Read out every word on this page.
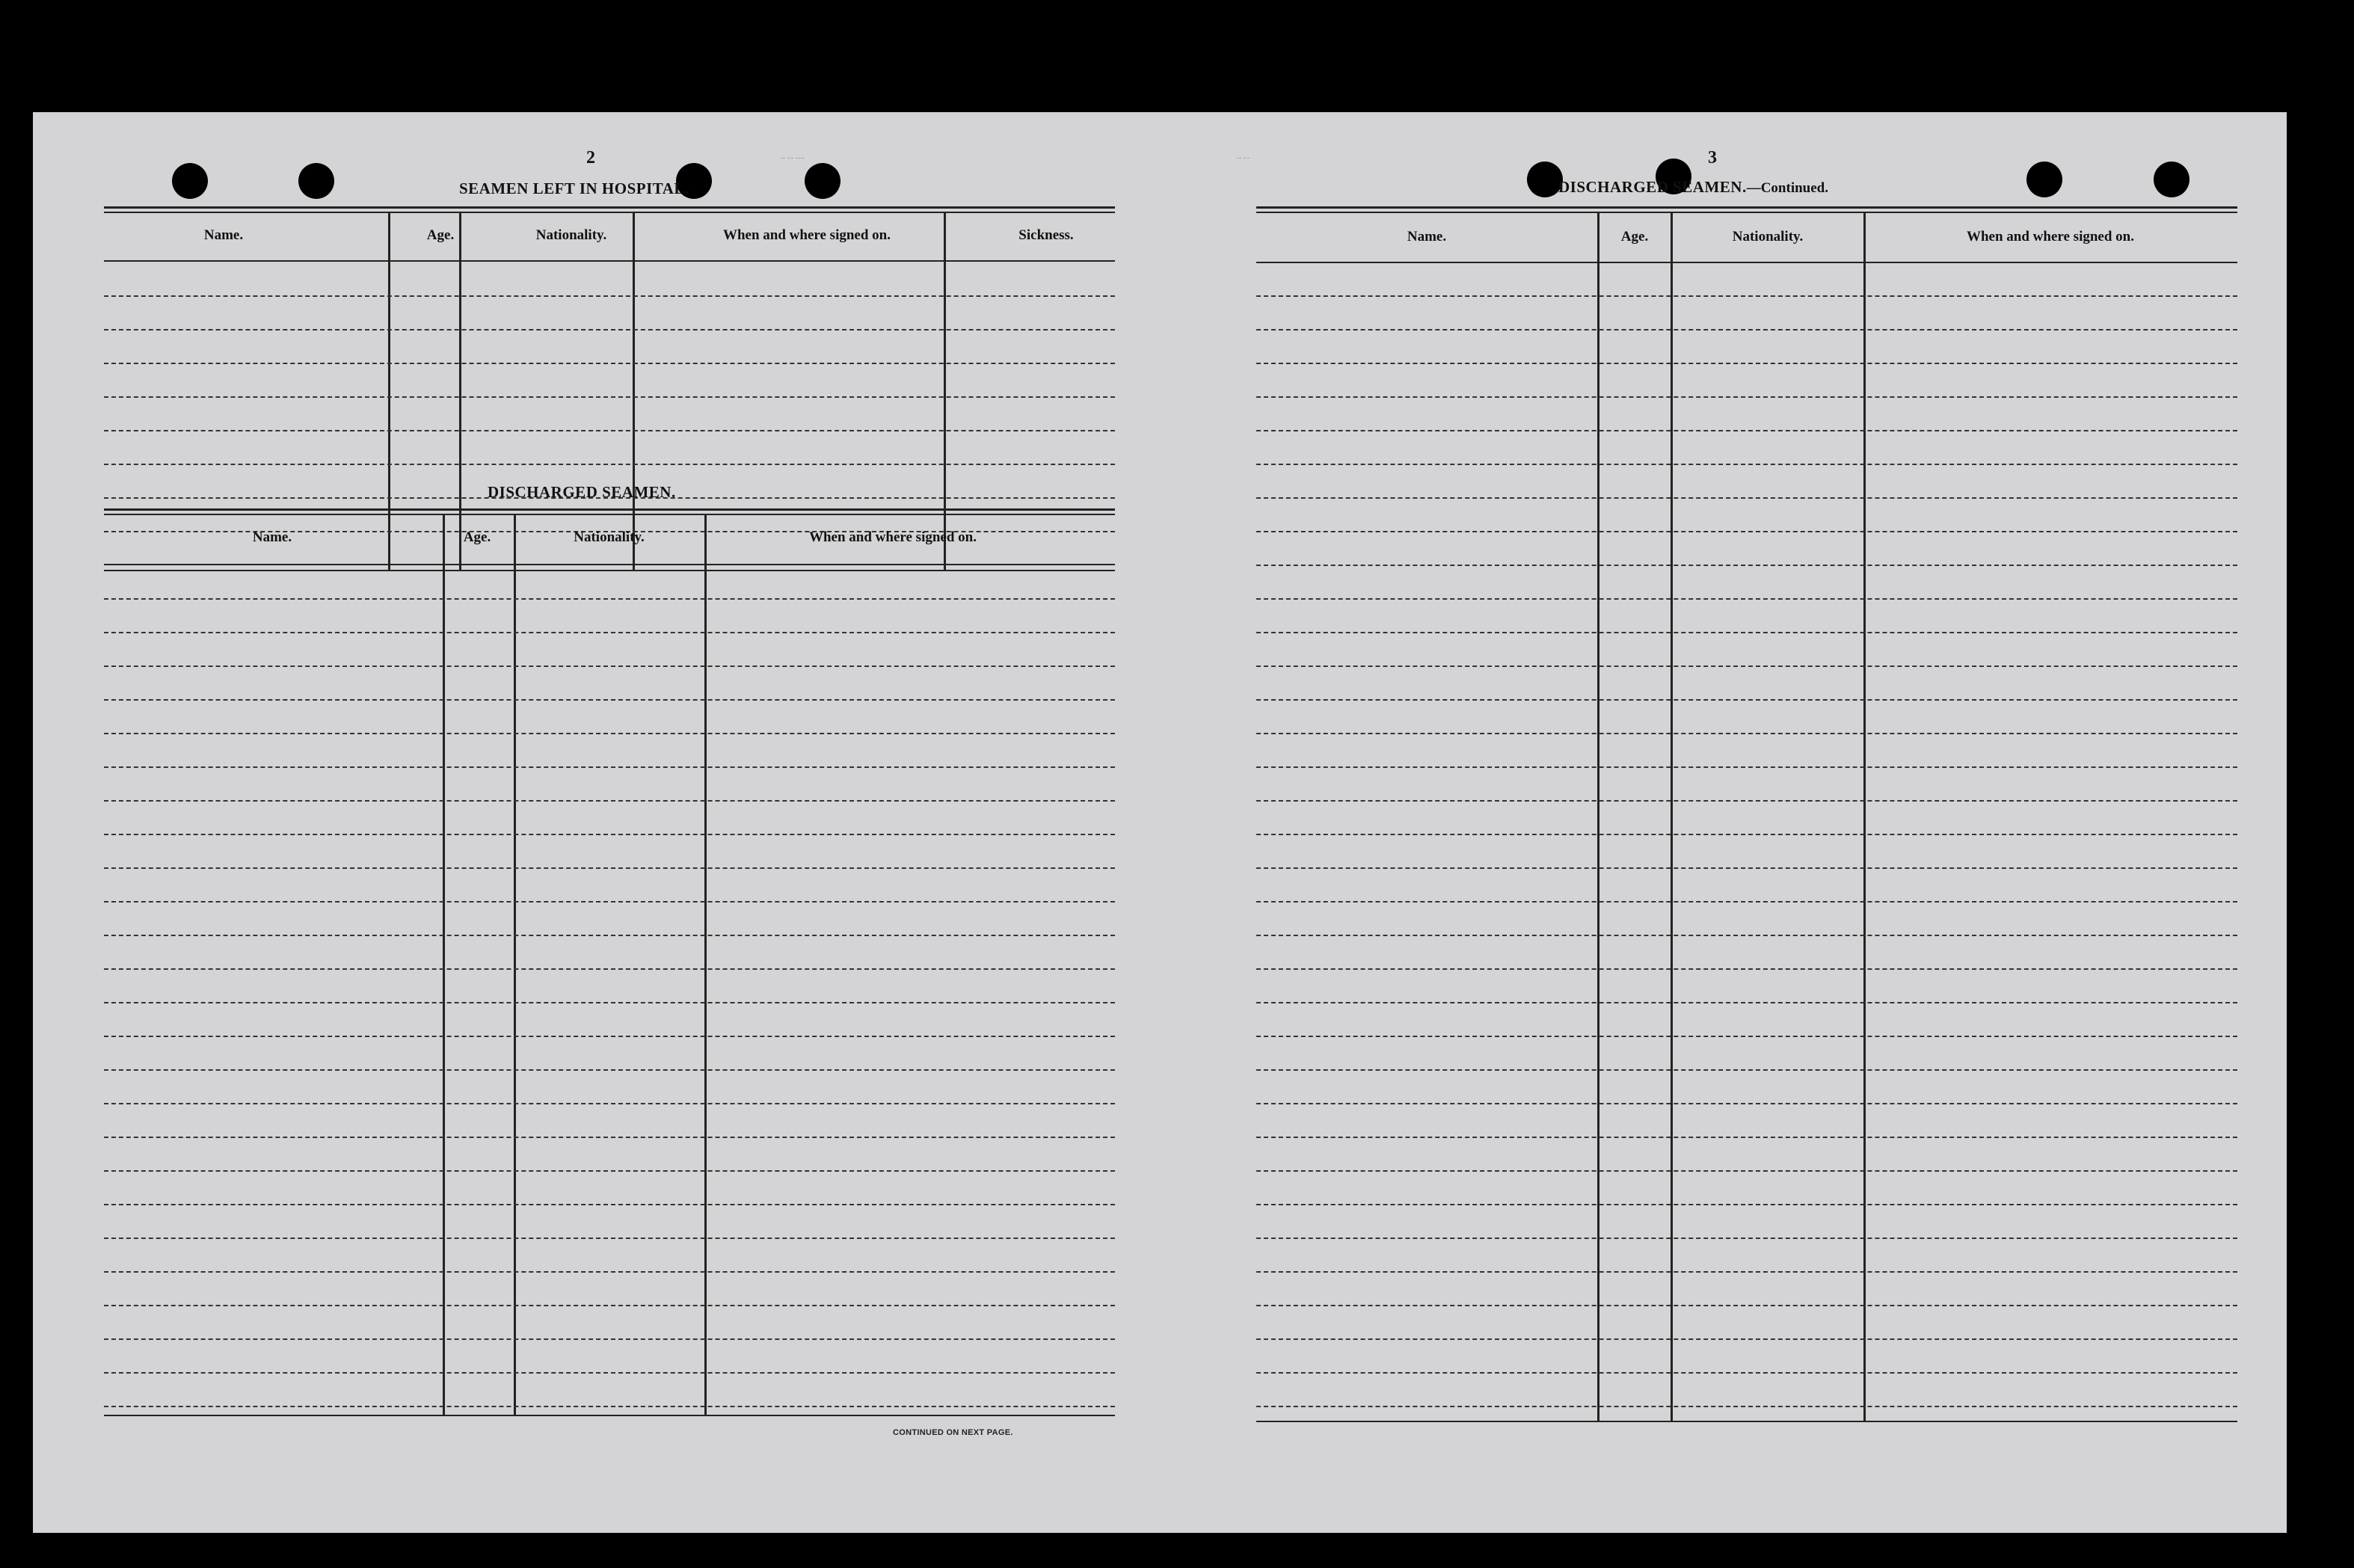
·· ··· ····
2
SEAMEN LEFT IN HOSPITAL.
Name.	Age.	Nationality.	When and where signed on.	Sickness.
DISCHARGED SEAMEN.
Name.	Age.	Nationality.	When and where signed on.
CONTINUED ON NEXT PAGE.
·· ···	3
DISCHARGED SEAMEN.—Continued.
Name.	Age.	Nationality.	When and where signed on.
